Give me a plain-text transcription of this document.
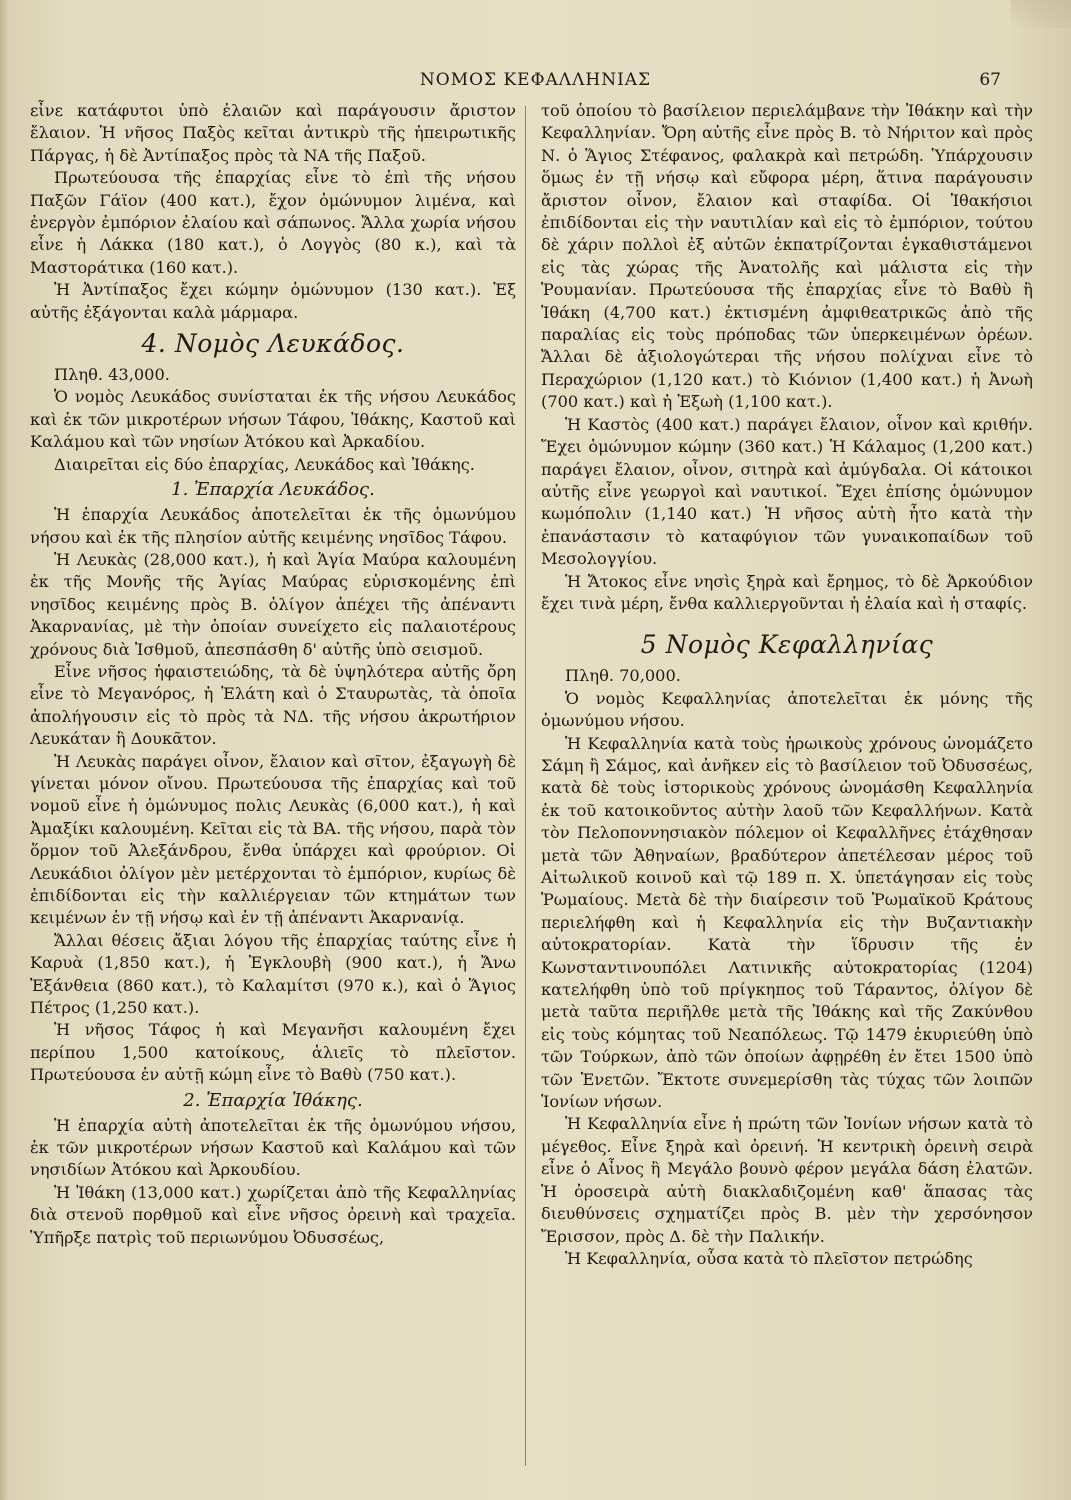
ΝΟΜΟΣ ΚΕΦΑΛΛΗΝΙΑΣ	67

εἶνε κατάφυτοι ὑπὸ ἐλαιῶν καὶ παράγουσιν ἄριστον ἔλαιον. Ἡ νῆσος Παξὸς κεῖται ἀντικρὺ τῆς ἠπειρωτικῆς Πάργας, ἡ δὲ Ἀντίπαξος πρὸς τὰ ΝΑ τῆς Παξοῦ.

Πρωτεύουσα τῆς ἐπαρχίας εἶνε τὸ ἐπὶ τῆς νήσου Παξῶν Γάϊον (400 κατ.), ἔχον ὁμώνυμον λιμένα, καὶ ἐνεργὸν ἐμπόριον ἐλαίου καὶ σάπωνος. Ἄλλα χωρία νήσου εἶνε ἡ Λάκκα (180 κατ.), ὁ Λογγὸς (80 κ.), καὶ τὰ Μαστοράτικα (160 κατ.).

Ἡ Ἀντίπαξος ἔχει κώμην ὁμώνυμον (130 κατ.). Ἐξ αὐτῆς ἐξάγονται καλὰ μάρμαρα.

4. Νομὸς Λευκάδος.

Πληθ. 43,000.

Ὁ νομὸς Λευκάδος συνίσταται ἐκ τῆς νήσου Λευκάδος καὶ ἐκ τῶν μικροτέρων νήσων Τάφου, Ἰθάκης, Καστοῦ καὶ Καλάμου καὶ τῶν νησίων Ἀτόκου καὶ Ἀρκαδίου.

Διαιρεῖται εἰς δύο ἐπαρχίας, Λευκάδος καὶ Ἰθάκης.

1. Ἐπαρχία Λευκάδος.

Ἡ ἐπαρχία Λευκάδος ἀποτελεῖται ἐκ τῆς ὁμωνύμου νήσου καὶ ἐκ τῆς πλησίον αὐτῆς κειμένης νησῖδος Τάφου.

Ἡ Λευκὰς (28,000 κατ.), ἡ καὶ Ἁγία Μαύρα καλουμένη ἐκ τῆς Μονῆς τῆς Ἁγίας Μαύρας εὑρισκομένης ἐπὶ νησῖδος κειμένης πρὸς Β. ὀλίγον ἀπέχει τῆς ἀπέναντι Ἀκαρνανίας, μὲ τὴν ὁποίαν συνείχετο εἰς παλαιοτέρους χρόνους διὰ Ἰσθμοῦ, ἀπεσπάσθη δ' αὐτῆς ὑπὸ σεισμοῦ.

Εἶνε νῆσος ἡφαιστειώδης, τὰ δὲ ὑψηλότερα αὐτῆς ὄρη εἶνε τὸ Μεγανόρος, ἡ Ἐλάτη καὶ ὁ Σταυρωτὰς, τὰ ὁποῖα ἀπολήγουσιν εἰς τὸ πρὸς τὰ ΝΔ. τῆς νήσου ἀκρωτήριον Λευκάταν ἢ Δουκᾶτον.

Ἡ Λευκὰς παράγει οἶνον, ἔλαιον καὶ σῖτον, ἐξαγωγὴ δὲ γίνεται μόνον οἴνου. Πρωτεύουσα τῆς ἐπαρχίας καὶ τοῦ νομοῦ εἶνε ἡ ὁμώνυμος πολις Λευκὰς (6,000 κατ.), ἡ καὶ Ἀμαξίκι καλουμένη. Κεῖται εἰς τὰ ΒΑ. τῆς νήσου, παρὰ τὸν ὅρμον τοῦ Ἀλεξάνδρου, ἔνθα ὑπάρχει καὶ φρούριον. Οἱ Λευκάδιοι ὀλίγον μὲν μετέρχονται τὸ ἐμπόριον, κυρίως δὲ ἐπιδίδονται εἰς τὴν καλλιέργειαν τῶν κτημάτων των κειμένων ἐν τῇ νήσῳ καὶ ἐν τῇ ἀπέναντι Ἀκαρνανίᾳ.

Ἄλλαι θέσεις ἄξιαι λόγου τῆς ἐπαρχίας ταύτης εἶνε ἡ Καρυὰ (1,850 κατ.), ἡ Ἐγκλουβὴ (900 κατ.), ἡ Ἄνω Ἐξάνθεια (860 κατ.), τὸ Καλαμίτσι (970 κ.), καὶ ὁ Ἅγιος Πέτρος (1,250 κατ.).

Ἡ νῆσος Τάφος ἡ καὶ Μεγανῆσι καλουμένη ἔχει περίπου 1,500 κατοίκους, ἁλιεῖς τὸ πλεῖστον. Πρωτεύουσα ἐν αὐτῇ κώμη εἶνε τὸ Βαθὺ (750 κατ.).

2. Ἐπαρχία Ἰθάκης.

Ἡ ἐπαρχία αὐτὴ ἀποτελεῖται ἐκ τῆς ὁμωνύμου νήσου, ἐκ τῶν μικροτέρων νήσων Καστοῦ καὶ Καλάμου καὶ τῶν νησιδίων Ἀτόκου καὶ Ἀρκουδίου.

Ἡ Ἰθάκη (13,000 κατ.) χωρίζεται ἀπὸ τῆς Κεφαλληνίας διὰ στενοῦ πορθμοῦ καὶ εἶνε νῆσος ὀρεινὴ καὶ τραχεῖα. Ὑπῆρξε πατρὶς τοῦ περιωνύμου Ὀδυσσέως,

τοῦ ὁποίου τὸ βασίλειον περιελάμβανε τὴν Ἰθάκην καὶ τὴν Κεφαλληνίαν. Ὄρη αὐτῆς εἶνε πρὸς Β. τὸ Νήριτον καὶ πρὸς Ν. ὁ Ἅγιος Στέφανος, φαλακρὰ καὶ πετρώδη. Ὑπάρχουσιν ὅμως ἐν τῇ νήσῳ καὶ εὔφορα μέρη, ἅτινα παράγουσιν ἄριστον οἶνον, ἔλαιον καὶ σταφίδα. Οἱ Ἰθακήσιοι ἐπιδίδονται εἰς τὴν ναυτιλίαν καὶ εἰς τὸ ἐμπόριον, τούτου δὲ χάριν πολλοὶ ἐξ αὐτῶν ἐκπατρίζονται ἐγκαθιστάμενοι εἰς τὰς χώρας τῆς Ἀνατολῆς καὶ μάλιστα εἰς τὴν Ῥουμανίαν. Πρωτεύουσα τῆς ἐπαρχίας εἶνε τὸ Βαθὺ ἢ Ἰθάκη (4,700 κατ.) ἐκτισμένη ἀμφιθεατρικῶς ἀπὸ τῆς παραλίας εἰς τοὺς πρόποδας τῶν ὑπερκειμένων ὀρέων. Ἄλλαι δὲ ἀξιολογώτεραι τῆς νήσου πολίχναι εἶνε τὸ Περαχώριον (1,120 κατ.) τὸ Κιόνιον (1,400 κατ.) ἡ Ἀνωὴ (700 κατ.) καὶ ἡ Ἐξωὴ (1,100 κατ.).

Ἡ Καστὸς (400 κατ.) παράγει ἔλαιον, οἶνον καὶ κριθήν. Ἔχει ὁμώνυμον κώμην (360 κατ.) Ἡ Κάλαμος (1,200 κατ.) παράγει ἔλαιον, οἶνον, σιτηρὰ καὶ ἀμύγδαλα. Οἱ κάτοικοι αὐτῆς εἶνε γεωργοὶ καὶ ναυτικοί. Ἔχει ἐπίσης ὁμώνυμον κωμόπολιν (1,140 κατ.) Ἡ νῆσος αὐτὴ ἦτο κατὰ τὴν ἐπανάστασιν τὸ καταφύγιον τῶν γυναικοπαίδων τοῦ Μεσολογγίου.

Ἡ Ἄτοκος εἶνε νησὶς ξηρὰ καὶ ἔρημος, τὸ δὲ Ἀρκούδιον ἔχει τινὰ μέρη, ἔνθα καλλιεργοῦνται ἡ ἐλαία καὶ ἡ σταφίς.

5 Νομὸς Κεφαλληνίας

Πληθ. 70,000.

Ὁ νομὸς Κεφαλληνίας ἀποτελεῖται ἐκ μόνης τῆς ὁμωνύμου νήσου.

Ἡ Κεφαλληνία κατὰ τοὺς ἡρωικοὺς χρόνους ὠνομάζετο Σάμη ἢ Σάμος, καὶ ἀνῆκεν εἰς τὸ βασίλειον τοῦ Ὀδυσσέως, κατὰ δὲ τοὺς ἱστορικοὺς χρόνους ὠνομάσθη Κεφαλληνία ἐκ τοῦ κατοικοῦντος αὐτὴν λαοῦ τῶν Κεφαλλήνων. Κατὰ τὸν Πελοποννησιακὸν πόλεμον οἱ Κεφαλλῆνες ἐτάχθησαν μετὰ τῶν Ἀθηναίων, βραδύτερον ἀπετέλεσαν μέρος τοῦ Αἰτωλικοῦ κοινοῦ καὶ τῷ 189 π. Χ. ὑπετάγησαν εἰς τοὺς Ῥωμαίους. Μετὰ δὲ τὴν διαίρεσιν τοῦ Ῥωμαϊκοῦ Κράτους περιελήφθη καὶ ἡ Κεφαλληνία εἰς τὴν Βυζαντιακὴν αὐτοκρατορίαν. Κατὰ τὴν ἵδρυσιν τῆς ἐν Κωνσταντινουπόλει Λατινικῆς αὐτοκρατορίας (1204) κατελήφθη ὑπὸ τοῦ πρίγκηπος τοῦ Τάραντος, ὀλίγον δὲ μετὰ ταῦτα περιῆλθε μετὰ τῆς Ἰθάκης καὶ τῆς Ζακύνθου εἰς τοὺς κόμητας τοῦ Νεαπόλεως. Τῷ 1479 ἐκυριεύθη ὑπὸ τῶν Τούρκων, ἀπὸ τῶν ὁποίων ἀφῃρέθη ἐν ἔτει 1500 ὑπὸ τῶν Ἑνετῶν. Ἔκτοτε συνεμερίσθη τὰς τύχας τῶν λοιπῶν Ἰονίων νήσων.

Ἡ Κεφαλληνία εἶνε ἡ πρώτη τῶν Ἰονίων νήσων κατὰ τὸ μέγεθος. Εἶνε ξηρὰ καὶ ὀρεινή. Ἡ κεντρικὴ ὀρεινὴ σειρὰ εἶνε ὁ Αἶνος ἢ Μεγάλο βουνὸ φέρον μεγάλα δάση ἐλατῶν. Ἡ ὀροσειρὰ αὐτὴ διακλαδιζομένη καθ' ἅπασας τὰς διευθύνσεις σχηματίζει πρὸς Β. μὲν τὴν χερσόνησον Ἔρισσον, πρὸς Δ. δὲ τὴν Παλικήν.

Ἡ Κεφαλληνία, οὖσα κατὰ τὸ πλεῖστον πετρώδης
